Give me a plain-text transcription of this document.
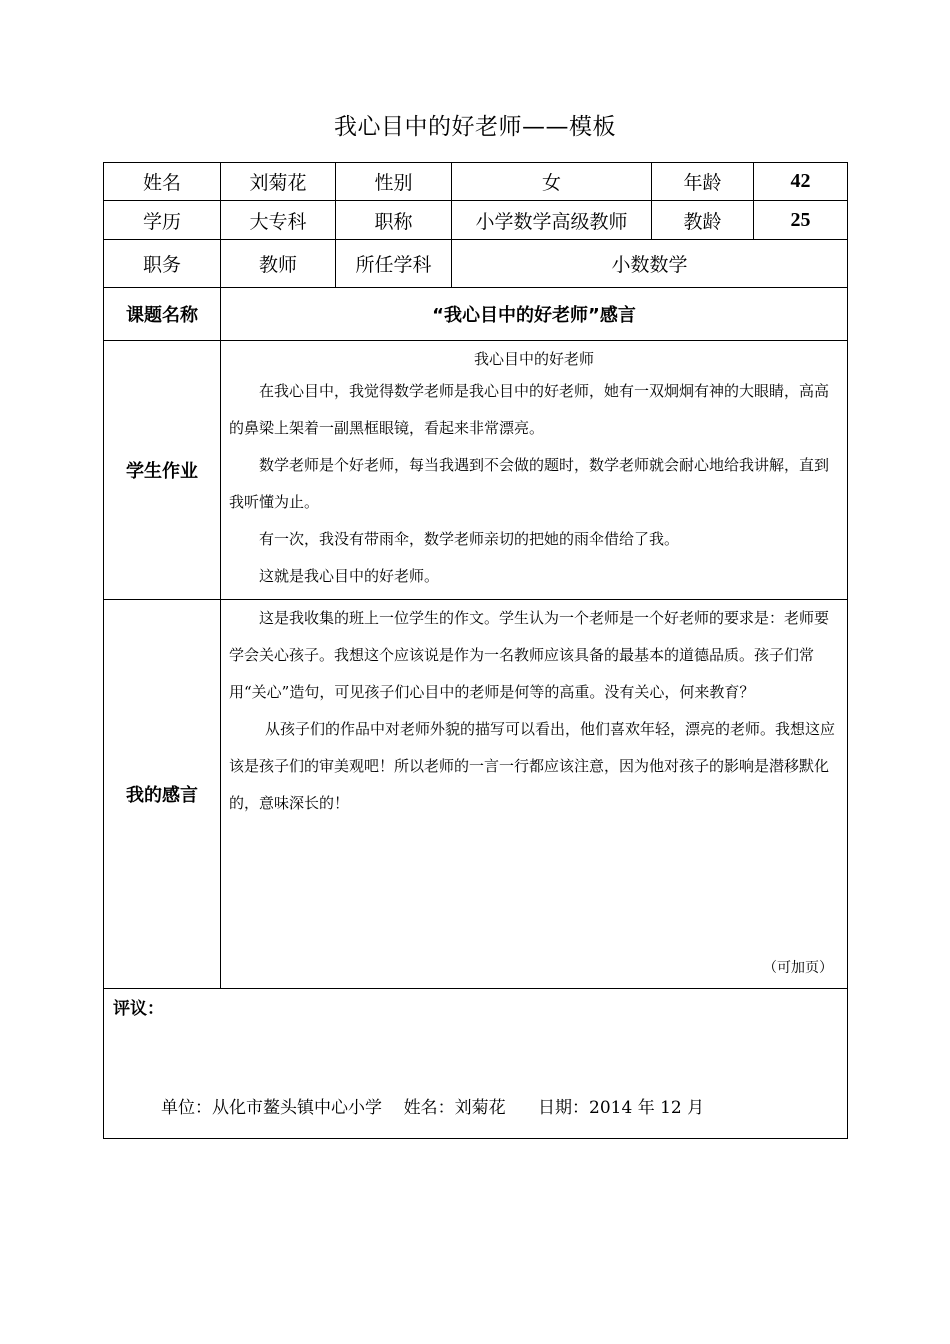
我心目中的好老师——模板
姓名	刘菊花	性别	女	年龄	42
学历	大专科	职称	小学数学高级教师	教龄	25
职务	教师	所任学科	小数数学		
课题名称	“我心目中的好老师”感言				
学生作业	我心目中的好老师

在我心目中，我觉得数学老师是我心目中的好老师，她有一双炯炯有神的大眼睛，高高的鼻梁上架着一副黑框眼镜，看起来非常漂亮。

数学老师是个好老师，每当我遇到不会做的题时，数学老师就会耐心地给我讲解，直到我听懂为止。

有一次，我没有带雨伞，数学老师亲切的把她的雨伞借给了我。

这就是我心目中的好老师。				

我的感言	这是我收集的班上一位学生的作文。学生认为一个老师是一个好老师的要求是：老师要学会关心孩子。我想这个应该说是作为一名教师应该具备的最基本的道德品质。孩子们常用“关心”造句，可见孩子们心目中的老师是何等的高重。没有关心，何来教育？

从孩子们的作品中对老师外貌的描写可以看出，他们喜欢年轻，漂亮的老师。我想这应该是孩子们的审美观吧！所以老师的一言一行都应该注意，因为他对孩子的影响是潜移默化的，意味深长的！

（可加页）				

评议：
单位：从化市鳌头镇中心小学    姓名：刘菊花      日期：2014 年 12 月					
